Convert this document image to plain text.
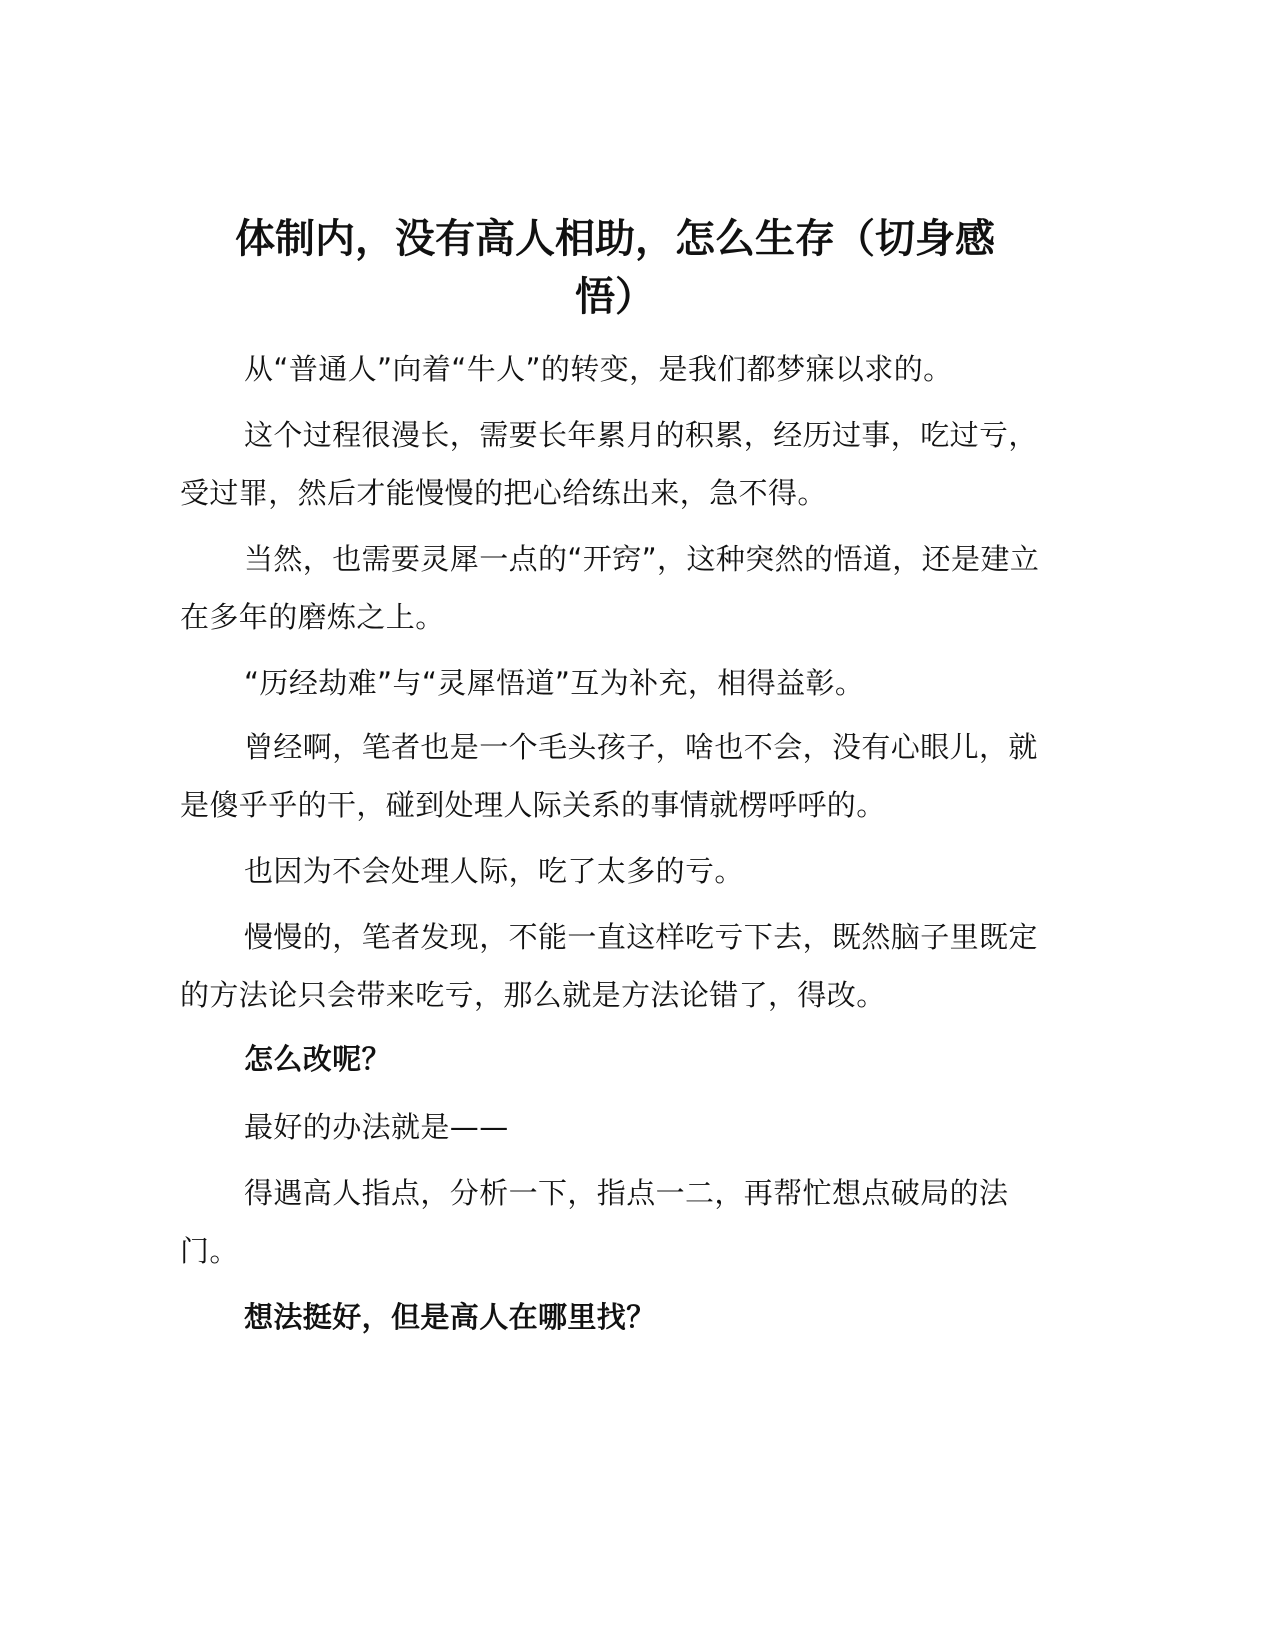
体制内，没有高人相助，怎么生存（切身感悟）

从“普通人”向着“牛人”的转变，是我们都梦寐以求的。

这个过程很漫长，需要长年累月的积累，经历过事，吃过亏，受过罪，然后才能慢慢的把心给练出来，急不得。

当然，也需要灵犀一点的“开窍”，这种突然的悟道，还是建立在多年的磨炼之上。

“历经劫难”与“灵犀悟道”互为补充，相得益彰。

曾经啊，笔者也是一个毛头孩子，啥也不会，没有心眼儿，就是傻乎乎的干，碰到处理人际关系的事情就楞呼呼的。

也因为不会处理人际，吃了太多的亏。

慢慢的，笔者发现，不能一直这样吃亏下去，既然脑子里既定的方法论只会带来吃亏，那么就是方法论错了，得改。

怎么改呢？

最好的办法就是——

得遇高人指点，分析一下，指点一二，再帮忙想点破局的法门。

想法挺好，但是高人在哪里找？
